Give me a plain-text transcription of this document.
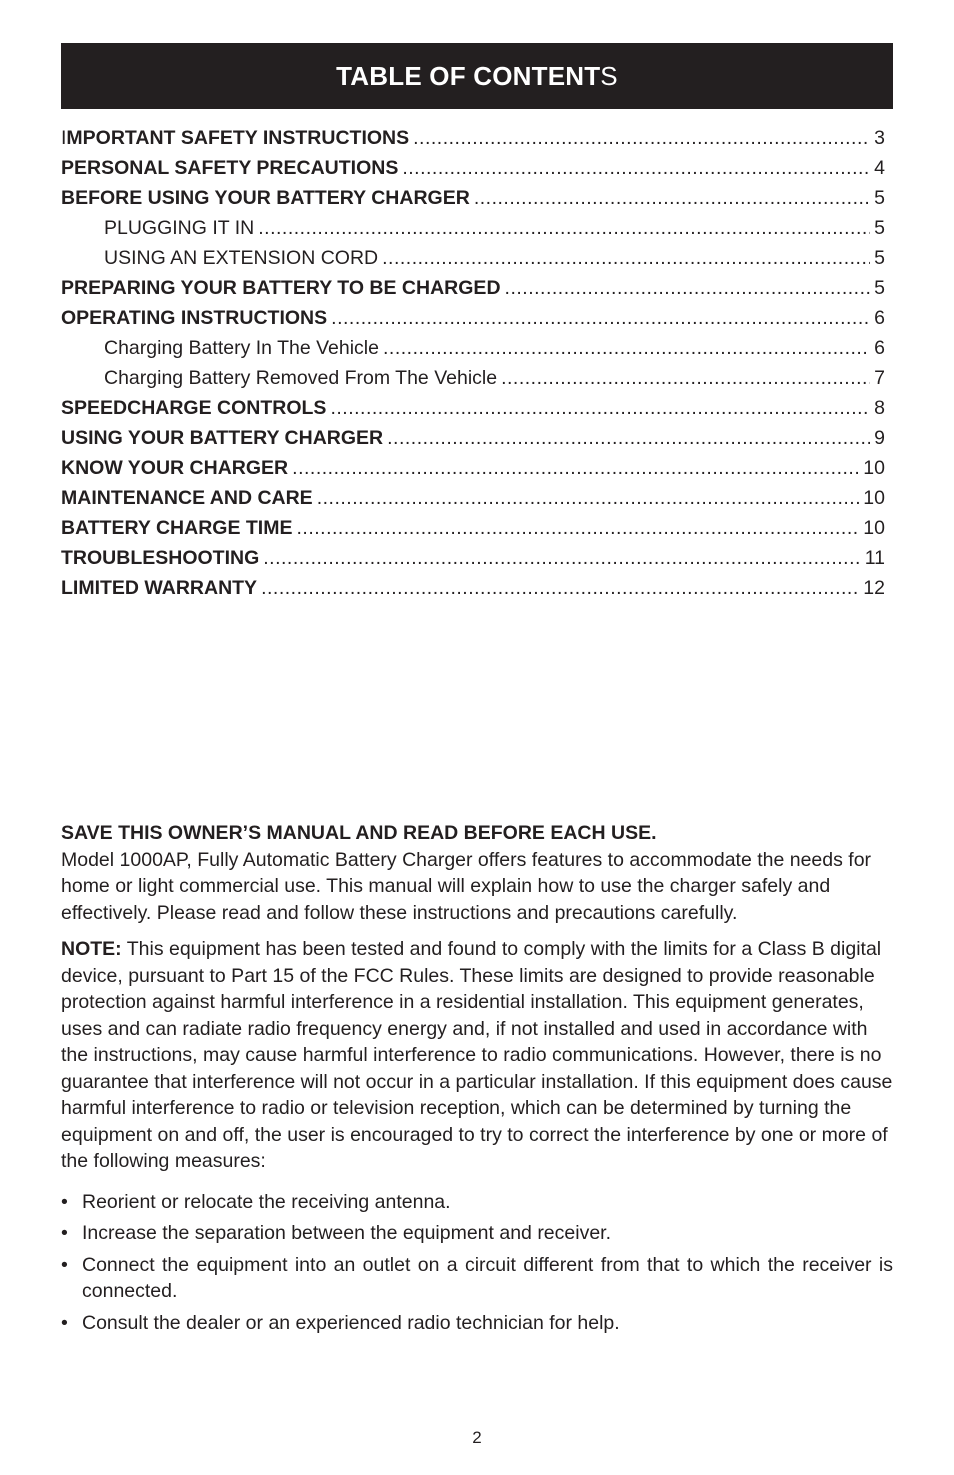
TABLE OF CONTENT S
IMPORTANT SAFETY INSTRUCTIONS .....	3
PERSONAL SAFETY PRECAUTIONS .....	4
BEFORE USING YOUR BATTERY CHARGER .....	5
PLUGGING IT IN .....	5
USING AN EXTENSION CORD .....	5
PREPARING YOUR BATTERY TO BE CHARGED .....	5
OPERATING INSTRUCTIONS .....	6
Charging Battery In The Vehicle .....	6
Charging Battery Removed From The Vehicle .....	7
SPEEDCHARGE CONTROLS .....	8
USING YOUR BATTERY CHARGER .....	9
KNOW YOUR CHARGER .....	10
MAINTENANCE AND CARE .....	10
BATTERY CHARGE TIME .....	10
TROUBLESHOOTING .....	11
LIMITED WARRANTY .....	12

SAVE THIS OWNER’S MANUAL AND READ BEFORE EACH USE.

Model 1000AP, Fully Automatic Battery Charger offers features to accommodate the needs for home or light commercial use. This manual will explain how to use the charger safely and effectively. Please read and follow these instructions and precautions carefully.

NOTE: This equipment has been tested and found to comply with the limits for a Class B digital device, pursuant to Part 15 of the FCC Rules. These limits are designed to provide reasonable protection against harmful interference in a residential installation. This equipment generates, uses and can radiate radio frequency energy and, if not installed and used in accordance with the instructions, may cause harmful interference to radio communications. However, there is no guarantee that interference will not occur in a particular installation. If this equipment does cause harmful interference to radio or television reception, which can be determined by turning the equipment on and off, the user is encouraged to try to correct the interference by one or more of the following measures:

• Reorient or relocate the receiving antenna.
• Increase the separation between the equipment and receiver.
• Connect the equipment into an outlet on a circuit different from that to which the receiver is connected.
• Consult the dealer or an experienced radio technician for help.
2
